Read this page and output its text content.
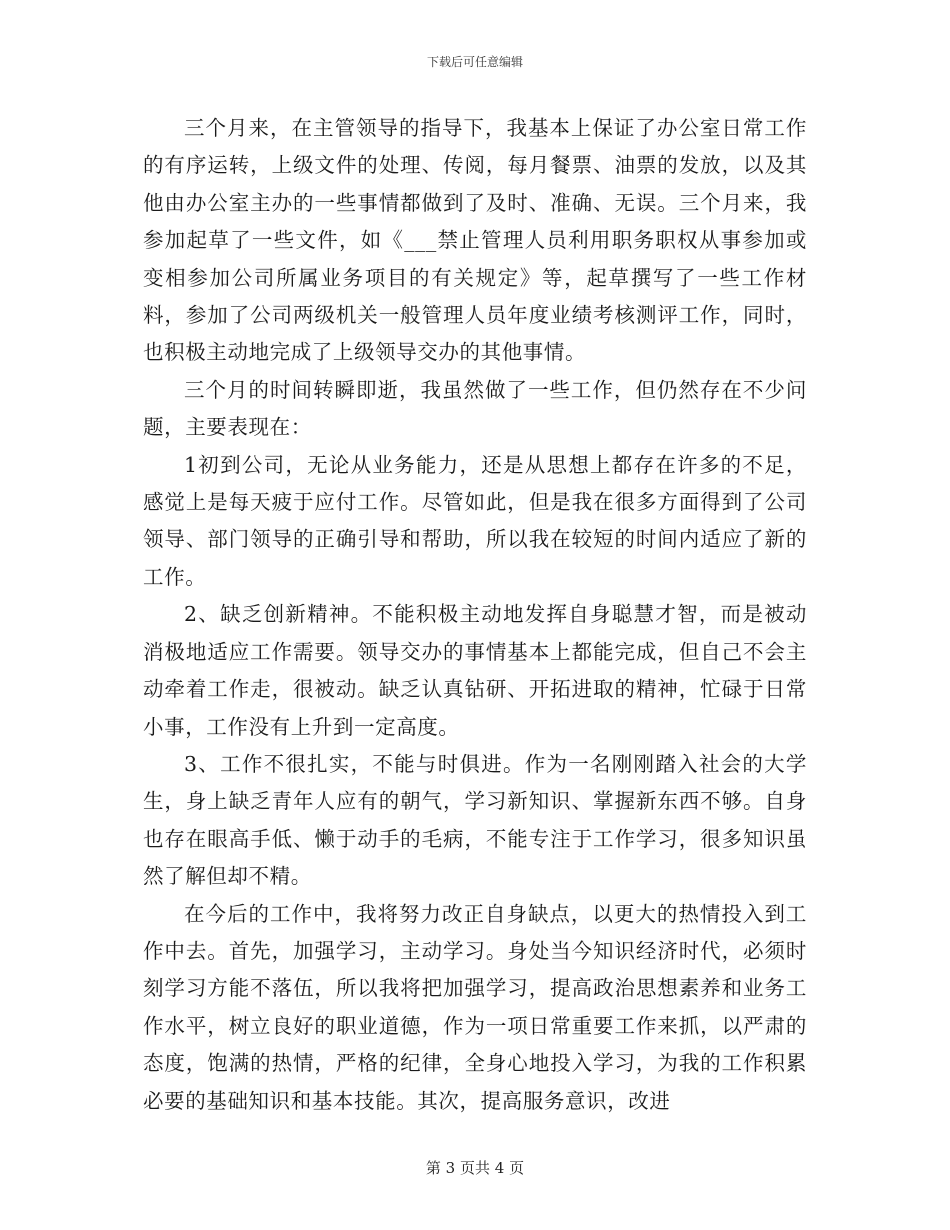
下载后可任意编辑

三个月来，在主管领导的指导下，我基本上保证了办公室日常工作的有序运转，上级文件的处理、传阅，每月餐票、油票的发放，以及其他由办公室主办的一些事情都做到了及时、准确、无误。三个月来，我参加起草了一些文件，如《___禁止管理人员利用职务职权从事参加或变相参加公司所属业务项目的有关规定》等，起草撰写了一些工作材料，参加了公司两级机关一般管理人员年度业绩考核测评工作，同时，也积极主动地完成了上级领导交办的其他事情。

三个月的时间转瞬即逝，我虽然做了一些工作，但仍然存在不少问题，主要表现在：

1初到公司，无论从业务能力，还是从思想上都存在许多的不足，感觉上是每天疲于应付工作。尽管如此，但是我在很多方面得到了公司领导、部门领导的正确引导和帮助，所以我在较短的时间内适应了新的工作。

2、缺乏创新精神。不能积极主动地发挥自身聪慧才智，而是被动消极地适应工作需要。领导交办的事情基本上都能完成，但自己不会主动牵着工作走，很被动。缺乏认真钻研、开拓进取的精神，忙碌于日常小事，工作没有上升到一定高度。

3、工作不很扎实，不能与时俱进。作为一名刚刚踏入社会的大学生，身上缺乏青年人应有的朝气，学习新知识、掌握新东西不够。自身也存在眼高手低、懒于动手的毛病，不能专注于工作学习，很多知识虽然了解但却不精。

在今后的工作中，我将努力改正自身缺点，以更大的热情投入到工作中去。首先，加强学习，主动学习。身处当今知识经济时代，必须时刻学习方能不落伍，所以我将把加强学习，提高政治思想素养和业务工作水平，树立良好的职业道德，作为一项日常重要工作来抓，以严肃的态度，饱满的热情，严格的纪律，全身心地投入学习，为我的工作积累必要的基础知识和基本技能。其次，提高服务意识，改进

第 3 页共 4 页
